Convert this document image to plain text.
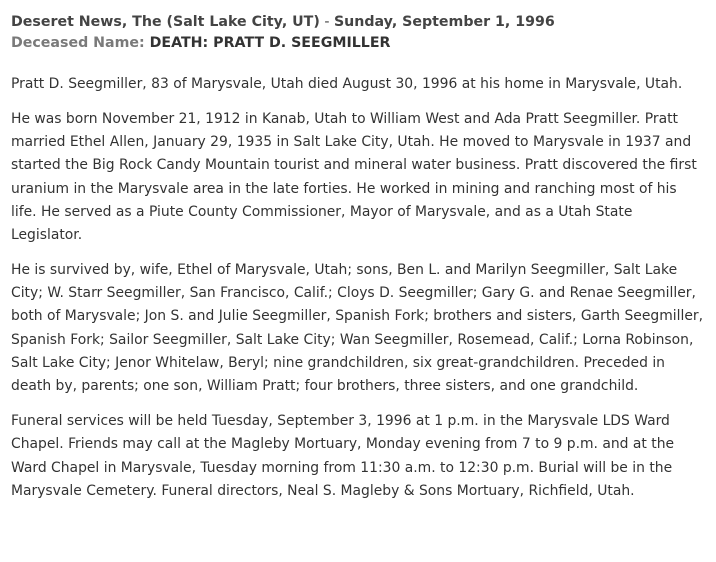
Deseret News, The (Salt Lake City, UT) - Sunday, September 1, 1996
Deceased Name: DEATH: PRATT D. SEEGMILLER

Pratt D. Seegmiller, 83 of Marysvale, Utah died August 30, 1996 at his home in Marysvale, Utah.

He was born November 21, 1912 in Kanab, Utah to William West and Ada Pratt Seegmiller. Pratt married Ethel Allen, January 29, 1935 in Salt Lake City, Utah. He moved to Marysvale in 1937 and started the Big Rock Candy Mountain tourist and mineral water business. Pratt discovered the first uranium in the Marysvale area in the late forties. He worked in mining and ranching most of his life. He served as a Piute County Commissioner, Mayor of Marysvale, and as a Utah State Legislator.

He is survived by, wife, Ethel of Marysvale, Utah; sons, Ben L. and Marilyn Seegmiller, Salt Lake City; W. Starr Seegmiller, San Francisco, Calif.; Cloys D. Seegmiller; Gary G. and Renae Seegmiller, both of Marysvale; Jon S. and Julie Seegmiller, Spanish Fork; brothers and sisters, Garth Seegmiller, Spanish Fork; Sailor Seegmiller, Salt Lake City; Wan Seegmiller, Rosemead, Calif.; Lorna Robinson, Salt Lake City; Jenor Whitelaw, Beryl; nine grandchildren, six great-grandchildren. Preceded in death by, parents; one son, William Pratt; four brothers, three sisters, and one grandchild.

Funeral services will be held Tuesday, September 3, 1996 at 1 p.m. in the Marysvale LDS Ward Chapel. Friends may call at the Magleby Mortuary, Monday evening from 7 to 9 p.m. and at the Ward Chapel in Marysvale, Tuesday morning from 11:30 a.m. to 12:30 p.m. Burial will be in the Marysvale Cemetery. Funeral directors, Neal S. Magleby & Sons Mortuary, Richfield, Utah.
